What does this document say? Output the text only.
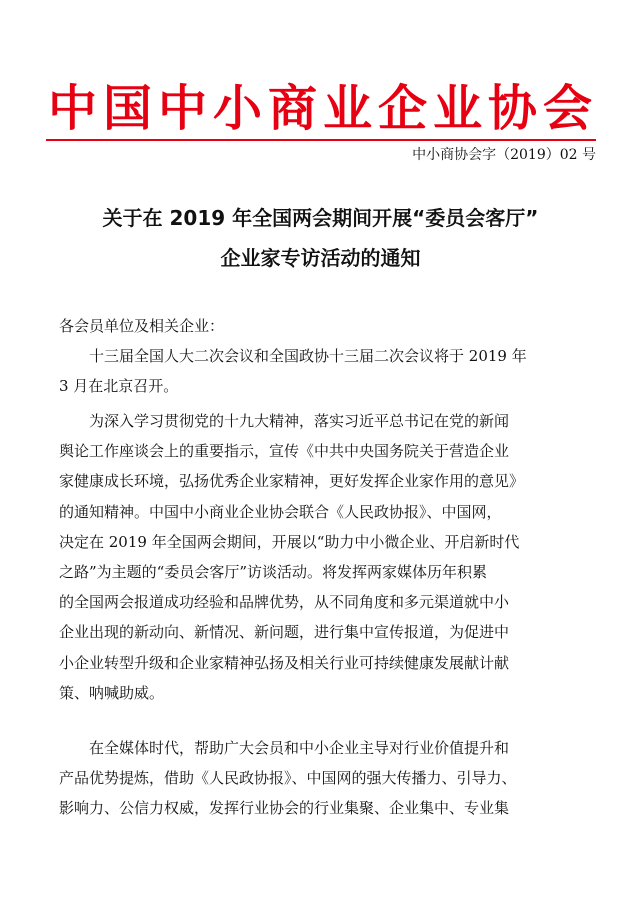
中国中小商业企业协会
中小商协会字（2019）02 号
关于在 2019 年全国两会期间开展“委员会客厅”
企业家专访活动的通知
各会员单位及相关企业：
　　十三届全国人大二次会议和全国政协十三届二次会议将于 2019 年
3 月在北京召开。
　　为深入学习贯彻党的十九大精神，落实习近平总书记在党的新闻
舆论工作座谈会上的重要指示，宣传《中共中央国务院关于营造企业
家健康成长环境，弘扬优秀企业家精神，更好发挥企业家作用的意见》
的通知精神。中国中小商业企业协会联合《人民政协报》、中国网，
决定在 2019 年全国两会期间，开展以“助力中小微企业、开启新时代
之路”为主题的“委员会客厅”访谈活动。将发挥两家媒体历年积累
的全国两会报道成功经验和品牌优势，从不同角度和多元渠道就中小
企业出现的新动向、新情况、新问题，进行集中宣传报道，为促进中
小企业转型升级和企业家精神弘扬及相关行业可持续健康发展献计献
策、呐喊助威。
　　在全媒体时代，帮助广大会员和中小企业主导对行业价值提升和
产品优势提炼，借助《人民政协报》、中国网的强大传播力、引导力、
影响力、公信力权威，发挥行业协会的行业集聚、企业集中、专业集
